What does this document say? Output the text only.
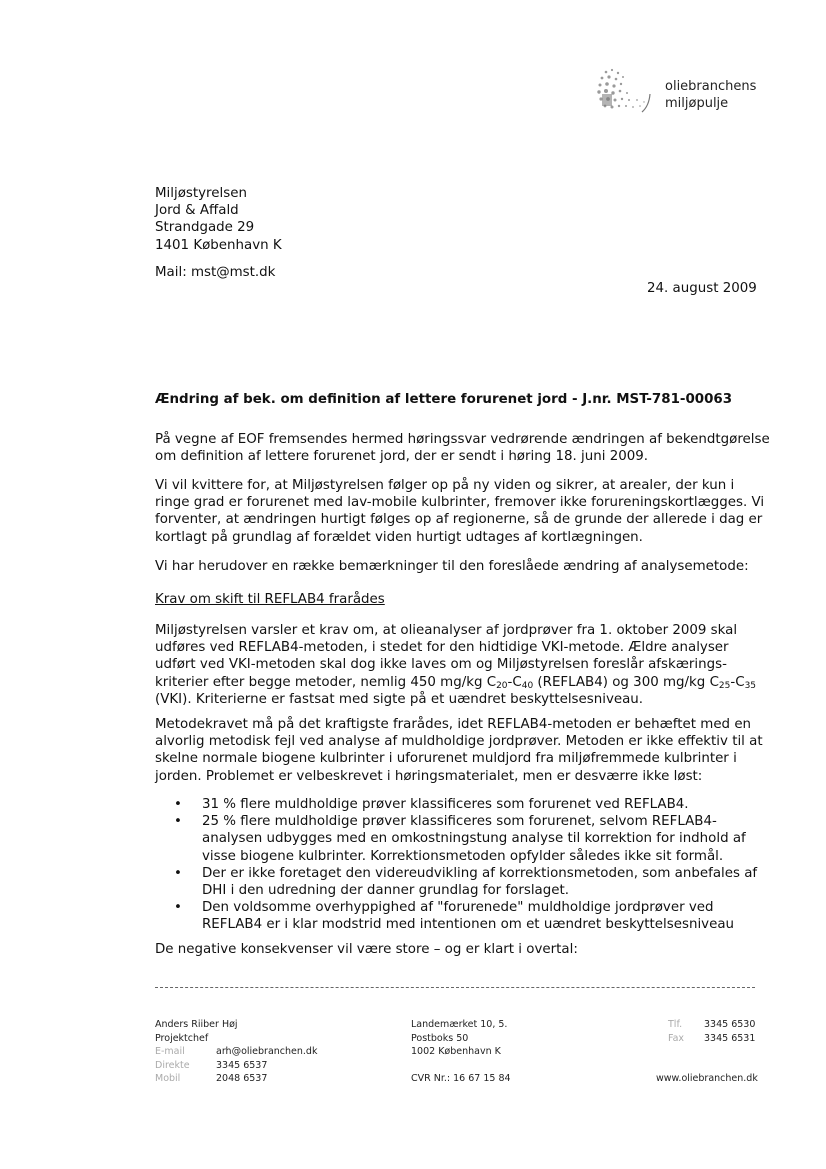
oliebranchens
miljøpulje
Miljøstyrelsen
Jord & Affald
Strandgade 29
1401 København K
Mail: mst@mst.dk
24. august 2009
Ændring af bek. om definition af lettere forurenet jord - J.nr. MST-781-00063
På vegne af EOF fremsendes hermed høringssvar vedrørende ændringen af bekendtgørelse
om definition af lettere forurenet jord, der er sendt i høring 18. juni 2009.
Vi vil kvittere for, at Miljøstyrelsen følger op på ny viden og sikrer, at arealer, der kun i
ringe grad er forurenet med lav-mobile kulbrinter, fremover ikke forureningskortlægges. Vi
forventer, at ændringen hurtigt følges op af regionerne, så de grunde der allerede i dag er
kortlagt på grundlag af forældet viden hurtigt udtages af kortlægningen.
Vi har herudover en række bemærkninger til den foreslåede ændring af analysemetode:
Krav om skift til REFLAB4 frarådes
Miljøstyrelsen varsler et krav om, at olieanalyser af jordprøver fra 1. oktober 2009 skal
udføres ved REFLAB4-metoden, i stedet for den hidtidige VKI-metode. Ældre analyser
udført ved VKI-metoden skal dog ikke laves om og Miljøstyrelsen foreslår afskærings-
kriterier efter begge metoder, nemlig 450 mg/kg $C_{20}-C_{40}$ (REFLAB4) og 300 mg/kg $C_{25}-C_{35}$
(VKI). Kriterierne er fastsat med sigte på et uændret beskyttelsesniveau.
Metodekravet må på det kraftigste frarådes, idet REFLAB4-metoden er behæftet med en
alvorlig metodisk fejl ved analyse af muldholdige jordprøver. Metoden er ikke effektiv til at
skelne normale biogene kulbrinter i uforurenet muldjord fra miljøfremmede kulbrinter i
jorden. Problemet er velbeskrevet i høringsmaterialet, men er desværre ikke løst:
• 31 % flere muldholdige prøver klassificeres som forurenet ved REFLAB4.
• 25 % flere muldholdige prøver klassificeres som forurenet, selvom REFLAB4-
analysen udbygges med en omkostningstung analyse til korrektion for indhold af
visse biogene kulbrinter. Korrektionsmetoden opfylder således ikke sit formål.
• Der er ikke foretaget den videreudvikling af korrektionsmetoden, som anbefales af
DHI i den udredning der danner grundlag for forslaget.
• Den voldsomme overhyppighed af "forurenede" muldholdige jordprøver ved
REFLAB4 er i klar modstrid med intentionen om et uændret beskyttelsesniveau
De negative konsekvenser vil være store – og er klart i overtal:
Anders Riiber Høj
Projektchef
E-mail
Direkte
Mobil
arh@oliebranchen.dk
3345 6537
2048 6537
Landemærket 10, 5.
Postboks 50
1002 København K
CVR Nr.: 16 67 15 84
Tlf.
Fax
3345 6530
3345 6531
www.oliebranchen.dk
